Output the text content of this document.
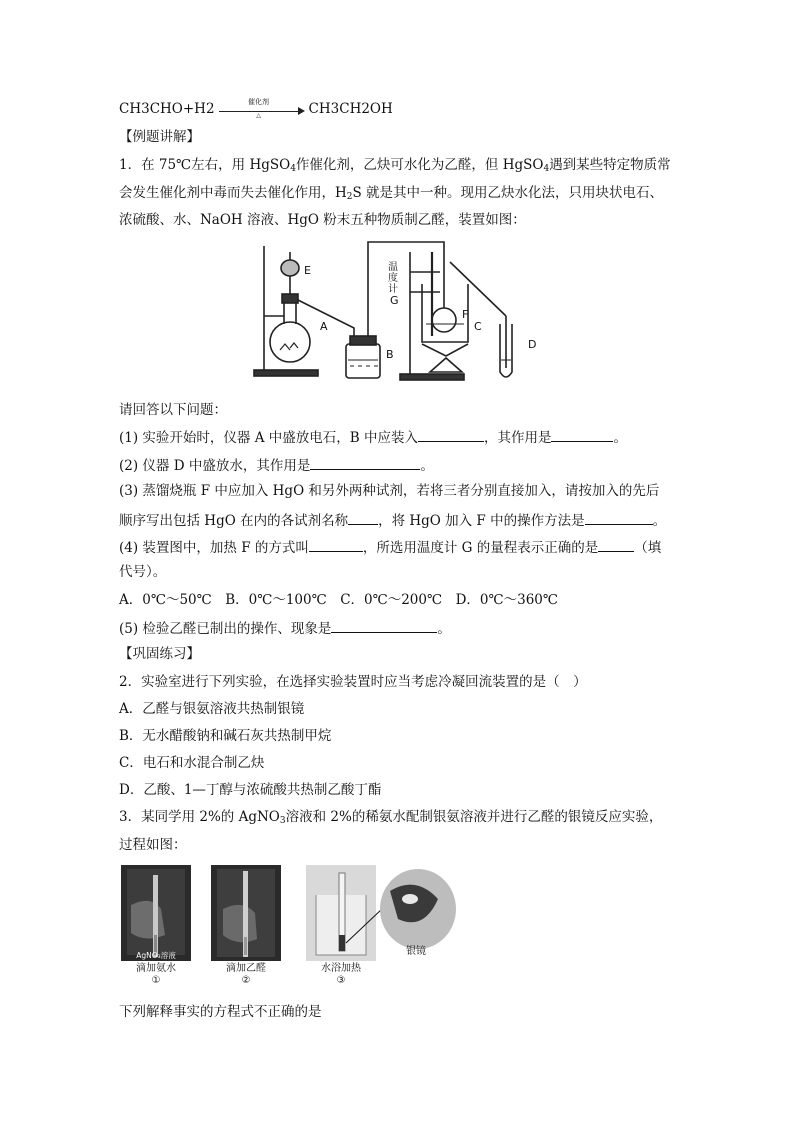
CH3CHO+H2	催化剂
△	CH3CH2OH
【例题讲解】
1．在 75℃左右，用 HgSO$_4$作催化剂，乙炔可水化为乙醛，但 HgSO$_4$遇到某些特定物质常
会发生催化剂中毒而失去催化作用，$H_2S$ 就是其中一种。现用乙炔水化法，只用块状电石、
浓硫酸、水、NaOH 溶液、HgO 粉末五种物质制乙醛，装置如图：
E
A
B
C
D
F
G
温
度
计
请回答以下问题：
(1) 实验开始时，仪器 A 中盛放电石，B 中应装入	，其作用是	。
(2) 仪器 D 中盛放水，其作用是	。
(3) 蒸馏烧瓶 F 中应加入 HgO 和另外两种试剂，若将三者分别直接加入，请按加入的先后
顺序写出包括 HgO 在内的各试剂名称 ，将 HgO 加入 F 中的操作方法是	。
(4) 装置图中，加热 F 的方式叫	，所选用温度计 G 的量程表示正确的是	（填
代号）。
A．0℃～50℃　B．0℃～100℃　C．0℃～200℃　D．0℃～360℃
(5) 检验乙醛已制出的操作、现象是	。
【巩固练习】
2．实验室进行下列实验，在选择实验装置时应当考虑冷凝回流装置的是（　）
A．乙醛与银氨溶液共热制银镜
B．无水醋酸钠和碱石灰共热制甲烷
C．电石和水混合制乙炔
D．乙酸、1—丁醇与浓硫酸共热制乙酸丁酯
3．某同学用 2%的 AgNO$_3$溶液和 2%的稀氨水配制银氨溶液并进行乙醛的银镜反应实验，
过程如图：
AgNO₃溶液
滴加氨水
①
滴加乙醛
②
水浴加热
③
银镜
下列解释事实的方程式不正确的是
